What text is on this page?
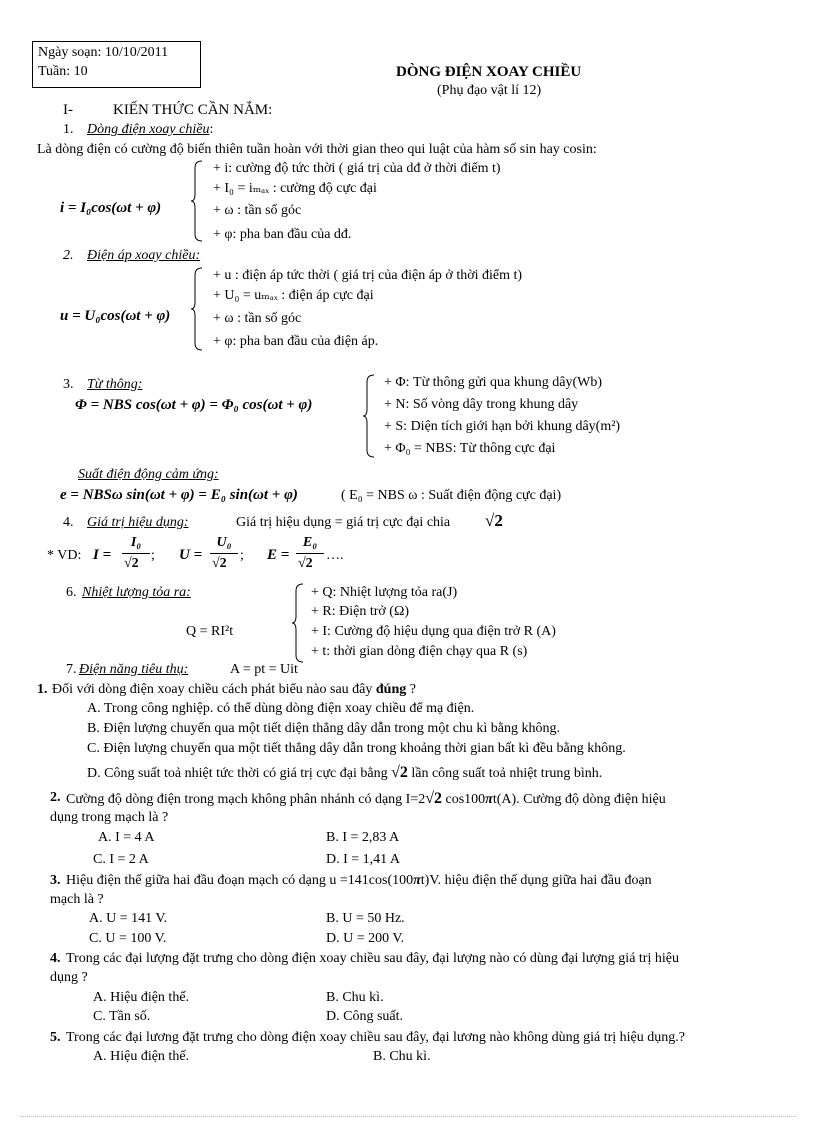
Ngày soạn: 10/10/2011
Tuần: 10	DÒNG ĐIỆN XOAY CHIỀU
(Phụ đạo vật lí 12)
I-	KIẾN THỨC CẦN NẮM:
1. Dòng điện xoay chiều:
Là dòng điện có cường độ biến thiên tuần hoàn với thời gian theo qui luật của hàm số sin hay cosin:
i = I₀cos(ωt + φ)
+ i: cường độ tức thời ( giá trị của dđ ở thời điểm t)
+ I₀ = iₘₐₓ : cường độ cực đại
+ ω : tần số góc
+ φ: pha ban đầu của dđ.
2. Điện áp xoay chiều:
u = U₀cos(ωt + φ)
+ u : điện áp tức thời ( giá trị của điện áp ở thời điểm t)
+ U₀ = uₘₐₓ : điện áp cực đại
+ ω : tần số góc
+ φ: pha ban đầu của điện áp.
3. Từ thông:
Φ = NBS cos(ωt + φ) = Φ₀ cos(ωt + φ)
+ Φ: Từ thông gửi qua khung dây(Wb)
+ N: Số vòng dây trong khung dây
+ S: Diện tích giới hạn bởi khung dây(m²)
+ Φ₀ = NBS: Từ thông cực đại
Suất điện động cảm ứng:
e = NBSω sin(ωt + φ) = E₀ sin(ωt + φ)	( E₀ = NBS ω : Suất điện động cực đại)
4. Giá trị hiệu dụng:	Giá trị hiệu dụng = giá trị cực đại chia √2
* VD: I =
I₀
√2
; U =
U₀
√2
; E =
E₀
√2
….
6. Nhiệt lượng tỏa ra:
Q = RI²t
+ Q: Nhiệt lượng tỏa ra(J)
+ R: Điện trở (Ω)
+ I: Cường độ hiệu dụng qua điện trở R (A)
+ t: thời gian dòng điện chạy qua R (s)
7. Điện năng tiêu thụ:	A = pt = Uit
1. Đối với dòng điện xoay chiều cách phát biểu nào sau đây đúng ?
A. Trong công nghiệp. có thể dùng dòng điện xoay chiều để mạ điện.
B. Điện lượng chuyển qua một tiết diện thẳng dây dẫn trong một chu kì bằng không.
C. Điện lượng chuyển qua một tiết thẳng dây dẫn trong khoảng thời gian bất kì đều bằng không.
D. Công suất toả nhiệt tức thời có giá trị cực đại bằng √2 lần công suất toả nhiệt trung bình.
2. Cường độ dòng điện trong mạch không phân nhánh có dạng I=2√2 cos100πt(A). Cường độ dòng điện hiệu
dụng trong mạch là ?
A. I = 4 A	B. I = 2,83 A
C. I = 2 A	D. I = 1,41 A
3. Hiệu điện thế giữa hai đầu đoạn mạch có dạng u =141cos(100πt)V. hiệu điện thế dụng giữa hai đầu đoạn
mạch là ?
A. U = 141 V.	B. U = 50 Hz.
C. U = 100 V.	D. U = 200 V.
4. Trong các đại lượng đặt trưng cho dòng điện xoay chiều sau đây, đại lượng nào có dùng đại lượng giá trị hiệu
dụng ?
A. Hiệu điện thế.	B. Chu kì.
C. Tần số.	D. Công suất.
5. Trong các đại lương đặt trưng cho dòng điện xoay chiều sau đây, đại lương nào không dùng giá trị hiệu dụng.?
A. Hiệu điện thế.	B. Chu kì.
